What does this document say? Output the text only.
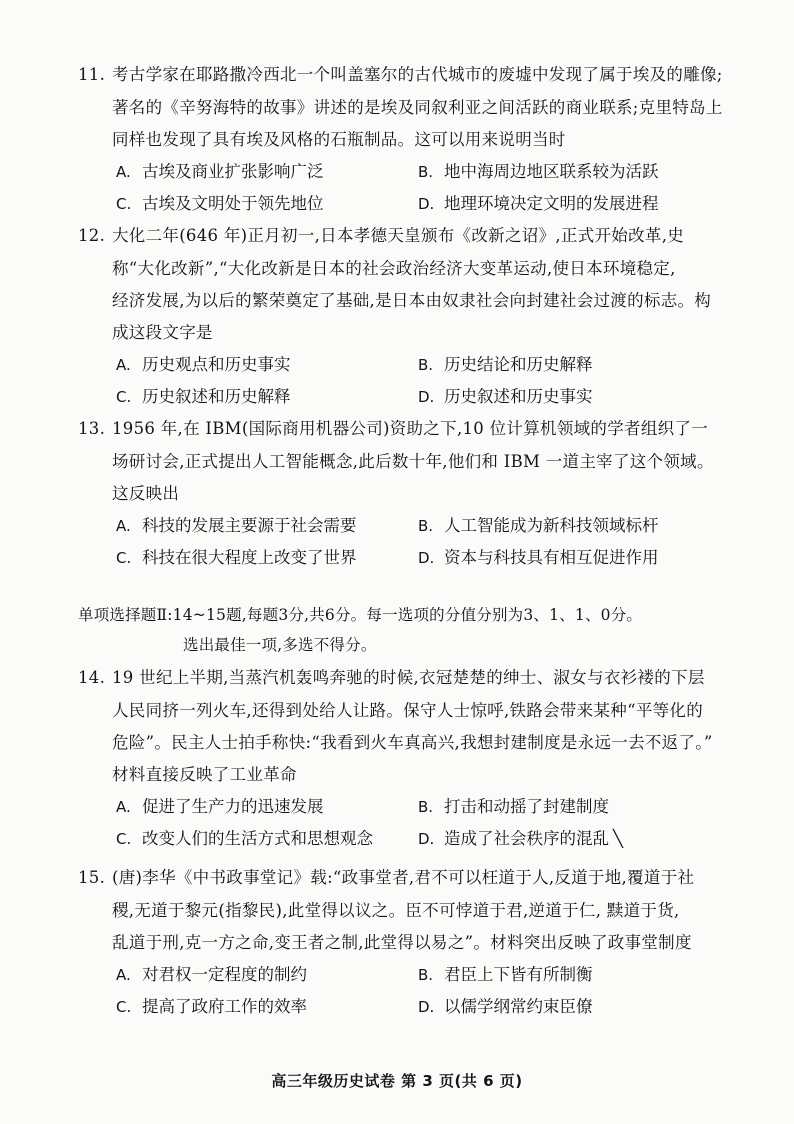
11. 考古学家在耶路撒冷西北一个叫盖塞尔的古代城市的废墟中发现了属于埃及的雕像;
著名的《辛努海特的故事》讲述的是埃及同叙利亚之间活跃的商业联系;克里特岛上
同样也发现了具有埃及风格的石瓶制品。这可以用来说明当时
A. 古埃及商业扩张影响广泛	B. 地中海周边地区联系较为活跃
C. 古埃及文明处于领先地位	D. 地理环境决定文明的发展进程
12. 大化二年(646 年)正月初一,日本孝德天皇颁布《改新之诏》,正式开始改革,史
称“大化改新”,“大化改新是日本的社会政治经济大变革运动,使日本环境稳定,
经济发展,为以后的繁荣奠定了基础,是日本由奴隶社会向封建社会过渡的标志。构
成这段文字是
A. 历史观点和历史事实	B. 历史结论和历史解释
C. 历史叙述和历史解释	D. 历史叙述和历史事实
13. 1956 年,在 IBM(国际商用机器公司)资助之下,10 位计算机领域的学者组织了一
场研讨会,正式提出人工智能概念,此后数十年,他们和 IBM 一道主宰了这个领域。
这反映出
A. 科技的发展主要源于社会需要	B. 人工智能成为新科技领域标杆
C. 科技在很大程度上改变了世界	D. 资本与科技具有相互促进作用
单项选择题Ⅱ:14~15题,每题3分,共6分。每一选项的分值分别为3、1、1、0分。
选出最佳一项,多选不得分。
14. 19 世纪上半期,当蒸汽机轰鸣奔驰的时候,衣冠楚楚的绅士、淑女与衣衫褛的下层
人民同挤一列火车,还得到处给人让路。保守人士惊呼,铁路会带来某种“平等化的
危险”。民主人士拍手称快:“我看到火车真高兴,我想封建制度是永远一去不返了。”
材料直接反映了工业革命
A. 促进了生产力的迅速发展	B. 打击和动摇了封建制度
C. 改变人们的生活方式和思想观念	D. 造成了社会秩序的混乱 ╲
15. (唐)李华《中书政事堂记》载:“政事堂者,君不可以枉道于人,反道于地,覆道于社
稷,无道于黎元(指黎民),此堂得以议之。臣不可悖道于君,逆道于仁, 黩道于货,
乱道于刑,克一方之命,变王者之制,此堂得以易之”。材料突出反映了政事堂制度
A. 对君权一定程度的制约	B. 君臣上下皆有所制衡
C. 提高了政府工作的效率	D. 以儒学纲常约束臣僚
高三年级历史试卷 第 3 页(共 6 页)
